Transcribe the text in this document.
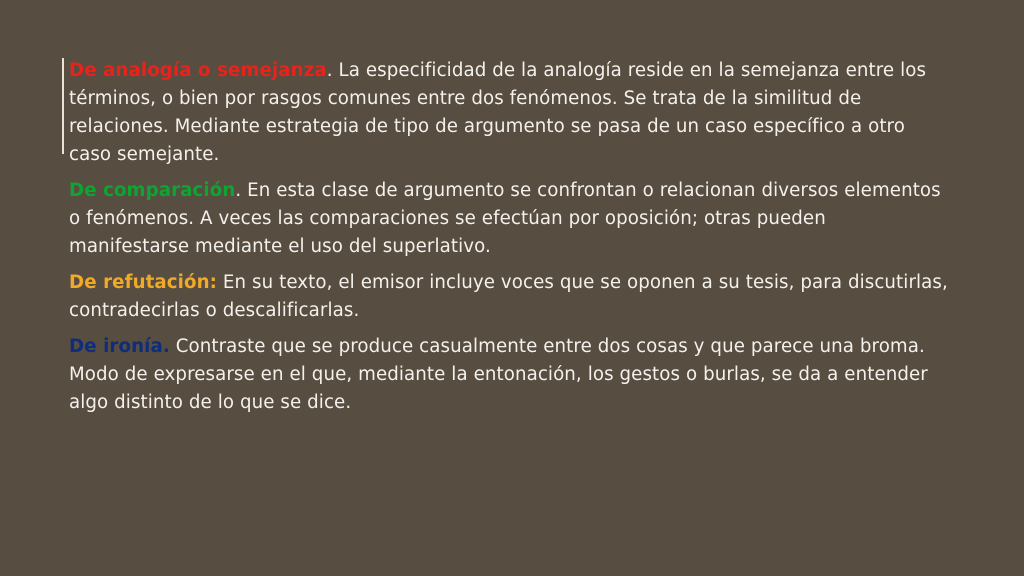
De analogía o semejanza. La especificidad de la analogía reside en la semejanza entre los términos, o bien por rasgos comunes entre dos fenómenos. Se trata de la similitud de relaciones. Mediante estrategia de tipo de argumento se pasa de un caso específico a otro caso semejante.

De comparación. En esta clase de argumento se confrontan o relacionan diversos elementos o fenómenos. A veces las comparaciones se efectúan por oposición; otras pueden manifestarse mediante el uso del superlativo.

De refutación: En su texto, el emisor incluye voces que se oponen a su tesis, para discutirlas, contradecirlas o descalificarlas.

De ironía. Contraste que se produce casualmente entre dos cosas y que parece una broma. Modo de expresarse en el que, mediante la entonación, los gestos o burlas, se da a entender algo distinto de lo que se dice.
